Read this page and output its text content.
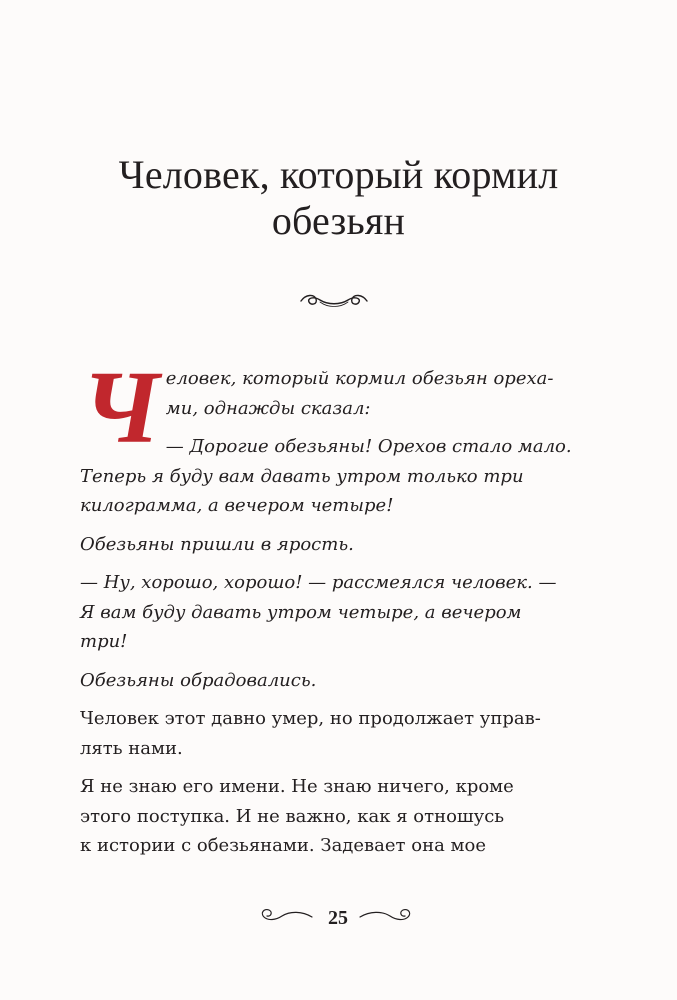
Человек, который кормил
обезьян
Ч еловек, который кормил обезьян ореха-
ми, однажды сказал:
— Дорогие обезьяны! Орехов стало мало.
Теперь я буду вам давать утром только три
килограмма, а вечером четыре!
Обезьяны пришли в ярость.
— Ну, хорошо, хорошо! — рассмеялся человек. —
Я вам буду давать утром четыре, а вечером
три!
Обезьяны обрадовались.
Человек этот давно умер, но продолжает управ-
лять нами.
Я не знаю его имени. Не знаю ничего, кроме
этого поступка. И не важно, как я отношусь
к истории с обезьянами. Задевает она мое
25
